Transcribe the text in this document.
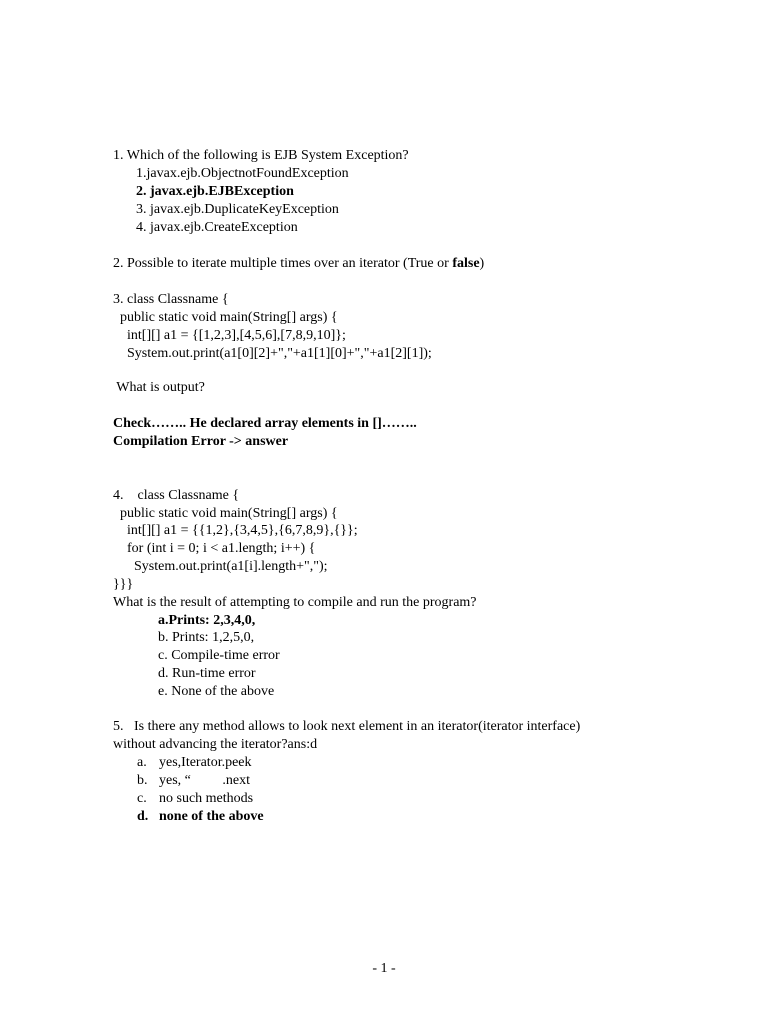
1. Which of the following is EJB System Exception?
1.javax.ejb.ObjectnotFoundException
2. javax.ejb.EJBException
3. javax.ejb.DuplicateKeyException
4. javax.ejb.CreateException
2. Possible to iterate multiple times over an iterator (True or false)
3. class Classname {
public static void main(String[] args) {
int[][] a1 = {[1,2,3],[4,5,6],[7,8,9,10]};
System.out.print(a1[0][2]+","+a1[1][0]+","+a1[2][1]);
What is output?
Check…….. He declared array elements in []……..
Compilation Error -> answer
4.    class Classname {
public static void main(String[] args) {
int[][] a1 = {{1,2},{3,4,5},{6,7,8,9},{}};
for (int i = 0; i < a1.length; i++) {
System.out.print(a1[i].length+",");
}}}
What is the result of attempting to compile and run the program?
a.Prints: 2,3,4,0,
b. Prints: 1,2,5,0,
c. Compile-time error
d. Run-time error
e. None of the above
5.   Is there any method allows to look next element in an iterator(iterator interface)
without advancing the iterator?ans:d
a. yes,Iterator.peek
b. yes, “         .next
c. no such methods
d. none of the above
- 1 -
